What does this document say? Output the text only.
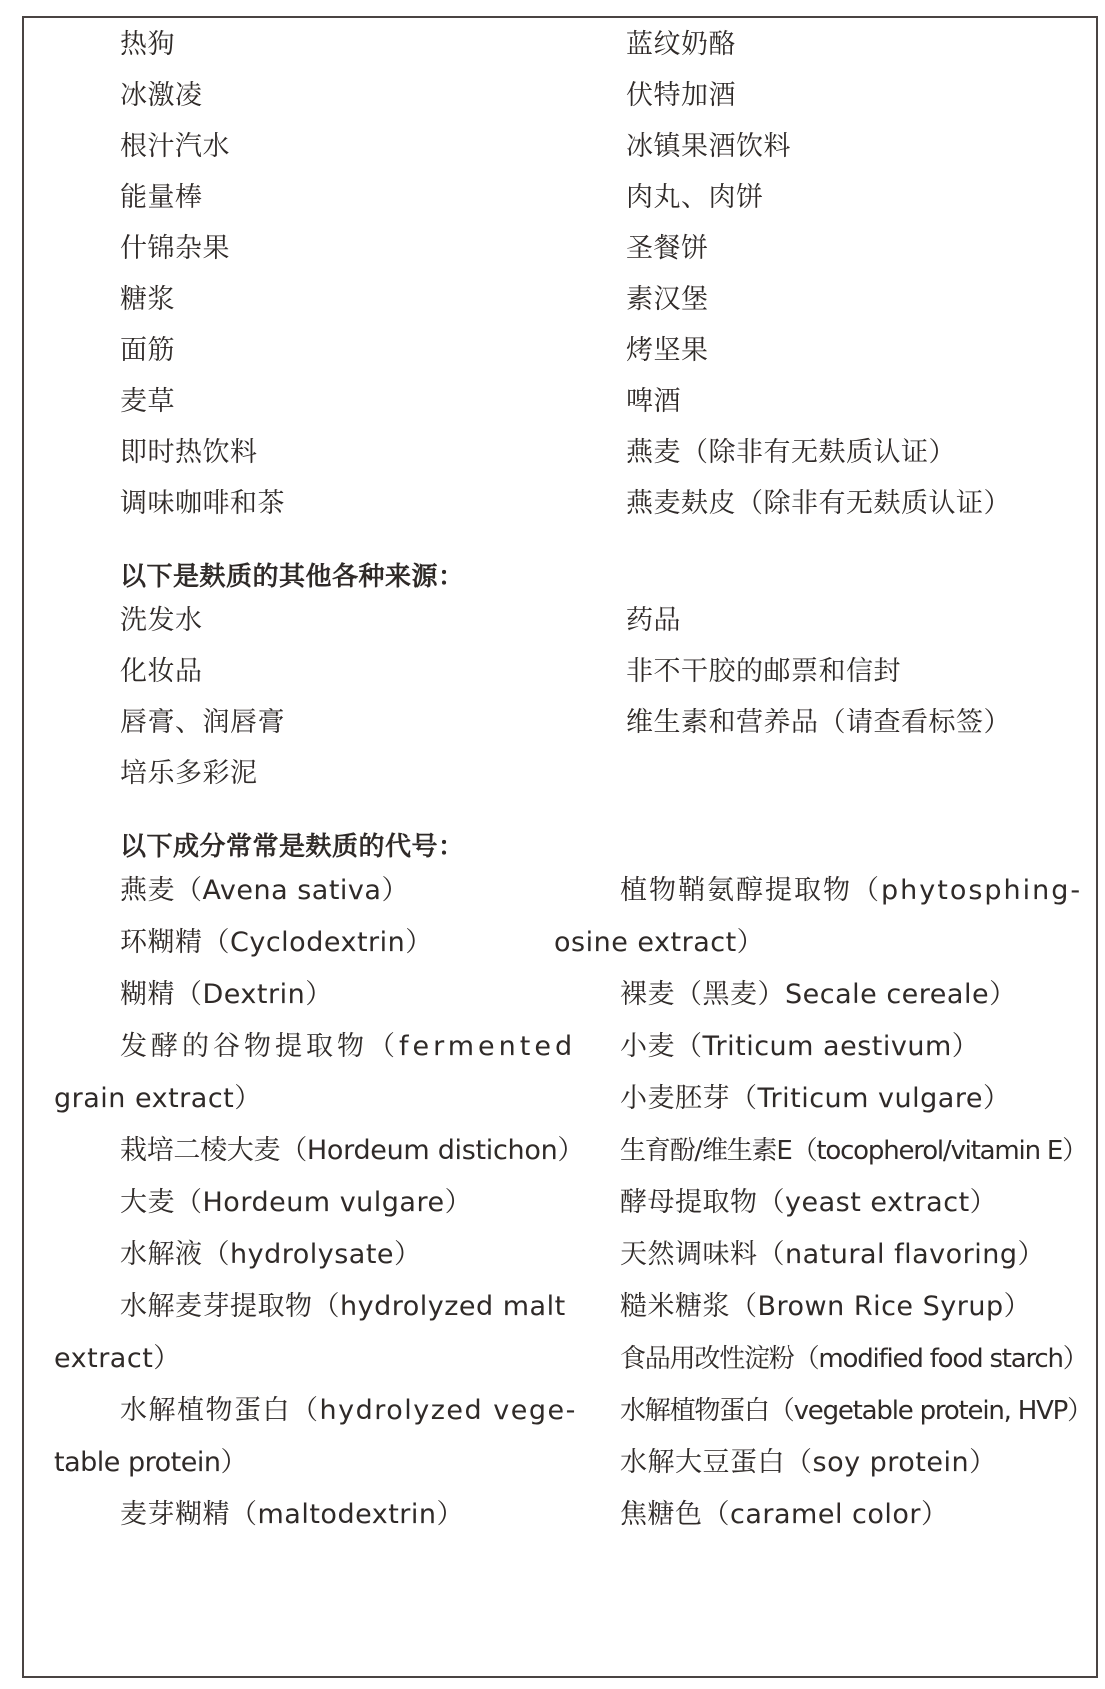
热狗
冰激凌
根汁汽水
能量棒
什锦杂果
糖浆
面筋
麦草
即时热饮料
调味咖啡和茶
蓝纹奶酪
伏特加酒
冰镇果酒饮料
肉丸、肉饼
圣餐饼
素汉堡
烤坚果
啤酒
燕麦（除非有无麸质认证）
燕麦麸皮（除非有无麸质认证）
以下是麸质的其他各种来源：
洗发水
化妆品
唇膏、润唇膏
培乐多彩泥
药品
非不干胶的邮票和信封
维生素和营养品（请查看标签）
以下成分常常是麸质的代号：
燕麦（Avena sativa）
环糊精（Cyclodextrin）
糊精（Dextrin）
发酵的谷物提取物（fermented
grain extract）
栽培二棱大麦（Hordeum distichon）
大麦（Hordeum vulgare）
水解液（hydrolysate）
水解麦芽提取物（hydrolyzed malt
extract）
水解植物蛋白（hydrolyzed vege-
table protein）
麦芽糊精（maltodextrin）
植物鞘氨醇提取物（phytosphing-
osine extract）
裸麦（黑麦）Secale cereale）
小麦（Triticum aestivum）
小麦胚芽（Triticum vulgare）
生育酚/维生素E（tocopherol/vitamin E）
酵母提取物（yeast extract）
天然调味料（natural flavoring）
糙米糖浆（Brown Rice Syrup）
食品用改性淀粉（modified food starch）
水解植物蛋白（vegetable protein, HVP）
水解大豆蛋白（soy protein）
焦糖色（caramel color）
